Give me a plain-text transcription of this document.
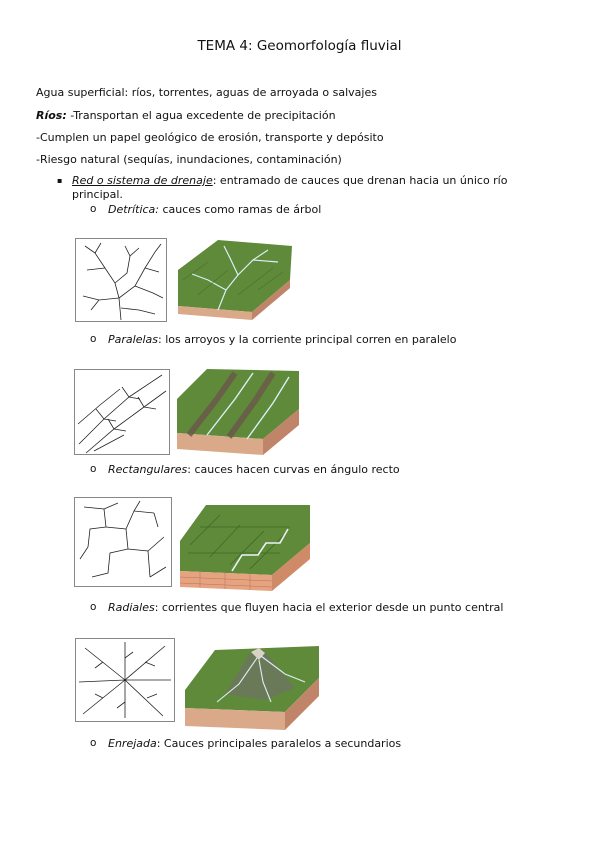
TEMA 4: Geomorfología fluvial
Agua superficial: ríos, torrentes, aguas de arroyada o salvajes
Ríos: -Transportan el agua excedente de precipitación
-Cumplen un papel geológico de erosión, transporte y depósito
-Riesgo natural (sequías, inundaciones, contaminación)
▪ Red o sistema de drenaje: entramado de cauces que drenan hacia un único río
principal.
o Detrítica: cauces como ramas de árbol
o Paralelas: los arroyos y la corriente principal corren en paralelo
o Rectangulares: cauces hacen curvas en ángulo recto
o Radiales: corrientes que fluyen hacia el exterior desde un punto central
o Enrejada: Cauces principales paralelos a secundarios
